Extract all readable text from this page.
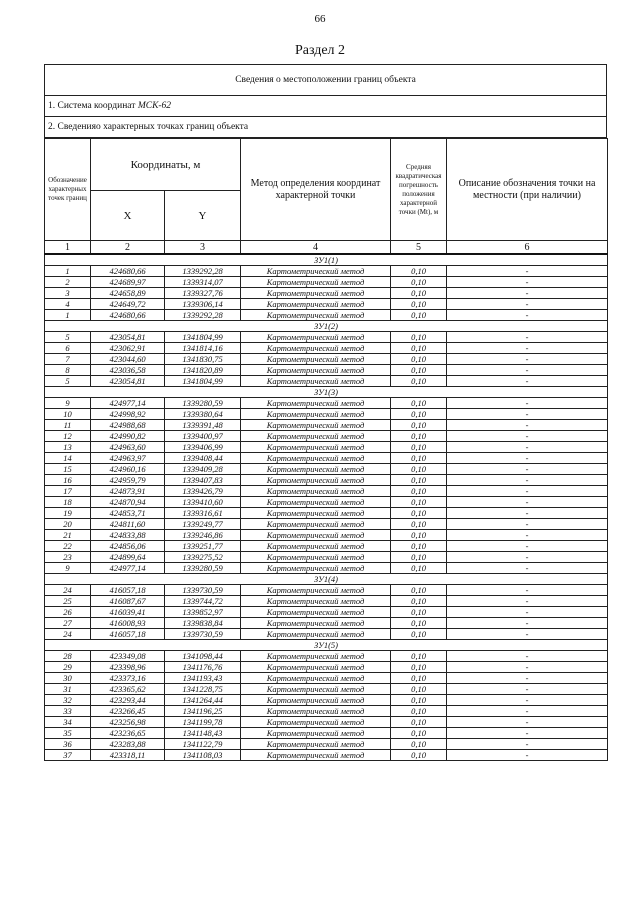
66
Раздел 2
Сведения о местоположении границ объекта
1. Система координат МСК-62
2. Сведенияо характерных точках границ объекта
Обозначение характерных точек границ	Координаты, м		Метод определения координат характерной точки	Средняя квадратическая погрешность положения характерной точки (Mt), м	Описание обозначения точки на местности (при наличии)
	X	Y			
1	2	3	4	5	6
ЗУ1(1)					
1	424680,66	1339292,28	Картометрический метод	0,10	-
2	424689,97	1339314,07	Картометрический метод	0,10	-
3	424658,89	1339327,76	Картометрический метод	0,10	-
4	424649,72	1339306,14	Картометрический метод	0,10	-
1	424680,66	1339292,28	Картометрический метод	0,10	-
ЗУ1(2)					
5	423054,81	1341804,99	Картометрический метод	0,10	-
6	423062,91	1341814,16	Картометрический метод	0,10	-
7	423044,60	1341830,75	Картометрический метод	0,10	-
8	423036,58	1341820,89	Картометрический метод	0,10	-
5	423054,81	1341804,99	Картометрический метод	0,10	-
ЗУ1(3)					
9	424977,14	1339280,59	Картометрический метод	0,10	-
10	424998,92	1339380,64	Картометрический метод	0,10	-
11	424988,68	1339391,48	Картометрический метод	0,10	-
12	424990,82	1339400,97	Картометрический метод	0,10	-
13	424963,60	1339406,99	Картометрический метод	0,10	-
14	424963,97	1339408,44	Картометрический метод	0,10	-
15	424960,16	1339409,28	Картометрический метод	0,10	-
16	424959,79	1339407,83	Картометрический метод	0,10	-
17	424873,91	1339426,79	Картометрический метод	0,10	-
18	424870,94	1339410,60	Картометрический метод	0,10	-
19	424853,71	1339316,61	Картометрический метод	0,10	-
20	424811,60	1339249,77	Картометрический метод	0,10	-
21	424833,88	1339246,86	Картометрический метод	0,10	-
22	424856,06	1339251,77	Картометрический метод	0,10	-
23	424899,64	1339275,52	Картометрический метод	0,10	-
9	424977,14	1339280,59	Картометрический метод	0,10	-
ЗУ1(4)					
24	416057,18	1339730,59	Картометрический метод	0,10	-
25	416087,67	1339744,72	Картометрический метод	0,10	-
26	416039,41	1339852,97	Картометрический метод	0,10	-
27	416008,93	1339838,84	Картометрический метод	0,10	-
24	416057,18	1339730,59	Картометрический метод	0,10	-
ЗУ1(5)					
28	423349,08	1341098,44	Картометрический метод	0,10	-
29	423398,96	1341176,76	Картометрический метод	0,10	-
30	423373,16	1341193,43	Картометрический метод	0,10	-
31	423365,62	1341228,75	Картометрический метод	0,10	-
32	423293,44	1341264,44	Картометрический метод	0,10	-
33	423266,45	1341196,25	Картометрический метод	0,10	-
34	423256,98	1341199,78	Картометрический метод	0,10	-
35	423236,65	1341148,43	Картометрический метод	0,10	-
36	423283,88	1341122,79	Картометрический метод	0,10	-
37	423318,11	1341108,03	Картометрический метод	0,10	-
